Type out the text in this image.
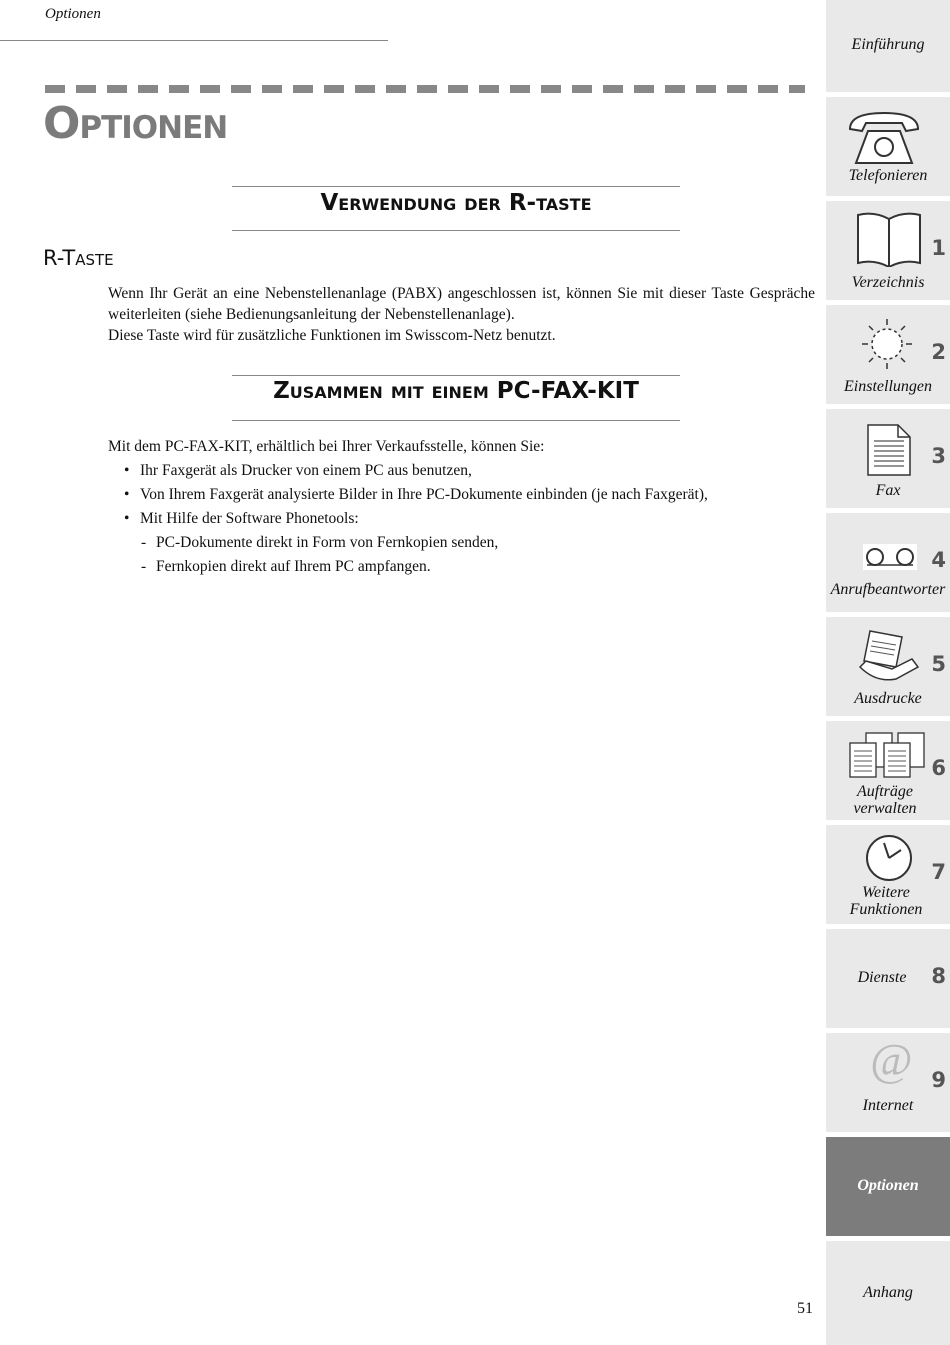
Optionen
Optionen
Verwendung der R-taste
R-Taste

Wenn Ihr Gerät an eine Nebenstellenanlage (PABX) angeschlossen ist, können Sie mit dieser Taste Gespräche weiterleiten (siehe Bedienungsanleitung der Nebenstellenanlage).

Diese Taste wird für zusätzliche Funktionen im Swisscom-Netz benutzt.

Zusammen mit einem PC-FAX-KIT

Mit dem PC-FAX-KIT, erhältlich bei Ihrer Verkaufsstelle, können Sie:

• Ihr Faxgerät als Drucker von einem PC aus benutzen,
• Von Ihrem Faxgerät analysierte Bilder in Ihre PC-Dokumente einbinden (je nach Faxgerät),
• Mit Hilfe der Software Phonetools:
- PC-Dokumente direkt in Form von Fernkopien senden,
- Fernkopien direkt auf Ihrem PC ampfangen.
51
Einführung
Telefonieren
1
Verzeichnis
2
Einstellungen
3
Fax
4
Anrufbeantworter
5
Ausdrucke
6
Aufträge verwalten
7
Weitere Funktionen
8
Dienste
@ 9
Internet
Optionen
Anhang
